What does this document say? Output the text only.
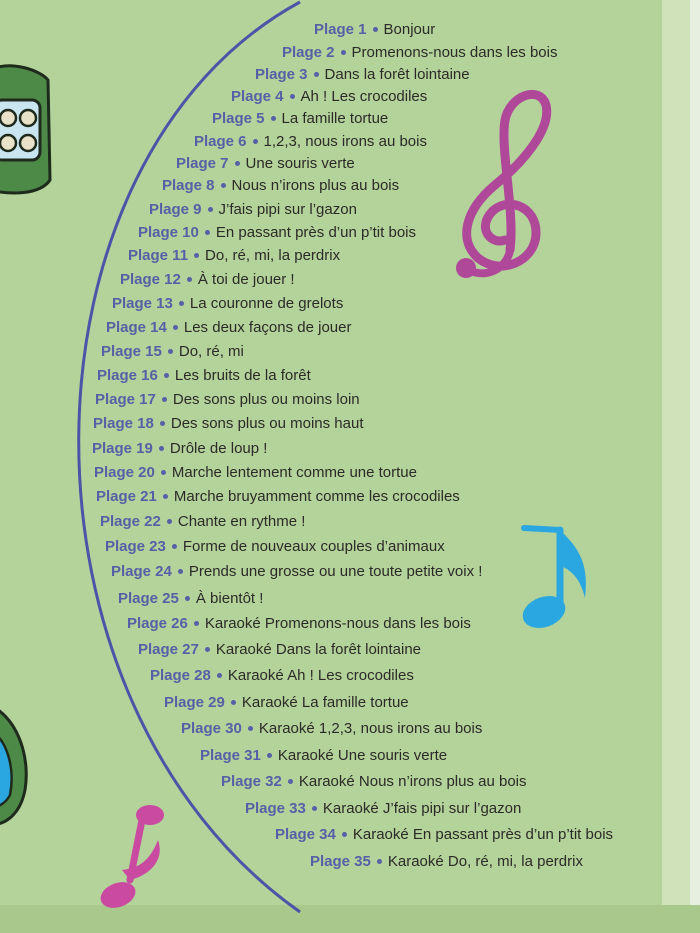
Plage 1 Bonjour
Plage 2 Promenons-nous dans les bois
Plage 3 Dans la forêt lointaine
Plage 4 Ah ! Les crocodiles
Plage 5 La famille tortue
Plage 6 1,2,3, nous irons au bois
Plage 7 Une souris verte
Plage 8 Nous n’irons plus au bois
Plage 9 J’fais pipi sur l’gazon
Plage 10 En passant près d’un p’tit bois
Plage 11 Do, ré, mi, la perdrix
Plage 12 À toi de jouer !
Plage 13 La couronne de grelots
Plage 14 Les deux façons de jouer
Plage 15 Do, ré, mi
Plage 16 Les bruits de la forêt
Plage 17 Des sons plus ou moins loin
Plage 18 Des sons plus ou moins haut
Plage 19 Drôle de loup !
Plage 20 Marche lentement comme une tortue
Plage 21 Marche bruyamment comme les crocodiles
Plage 22 Chante en rythme !
Plage 23 Forme de nouveaux couples d’animaux
Plage 24 Prends une grosse ou une toute petite voix !
Plage 25 À bientôt !
Plage 26 Karaoké Promenons-nous dans les bois
Plage 27 Karaoké Dans la forêt lointaine
Plage 28 Karaoké Ah ! Les crocodiles
Plage 29 Karaoké La famille tortue
Plage 30 Karaoké 1,2,3, nous irons au bois
Plage 31 Karaoké Une souris verte
Plage 32 Karaoké Nous n’irons plus au bois
Plage 33 Karaoké J’fais pipi sur l’gazon
Plage 34 Karaoké En passant près d’un p’tit bois
Plage 35 Karaoké Do, ré, mi, la perdrix
